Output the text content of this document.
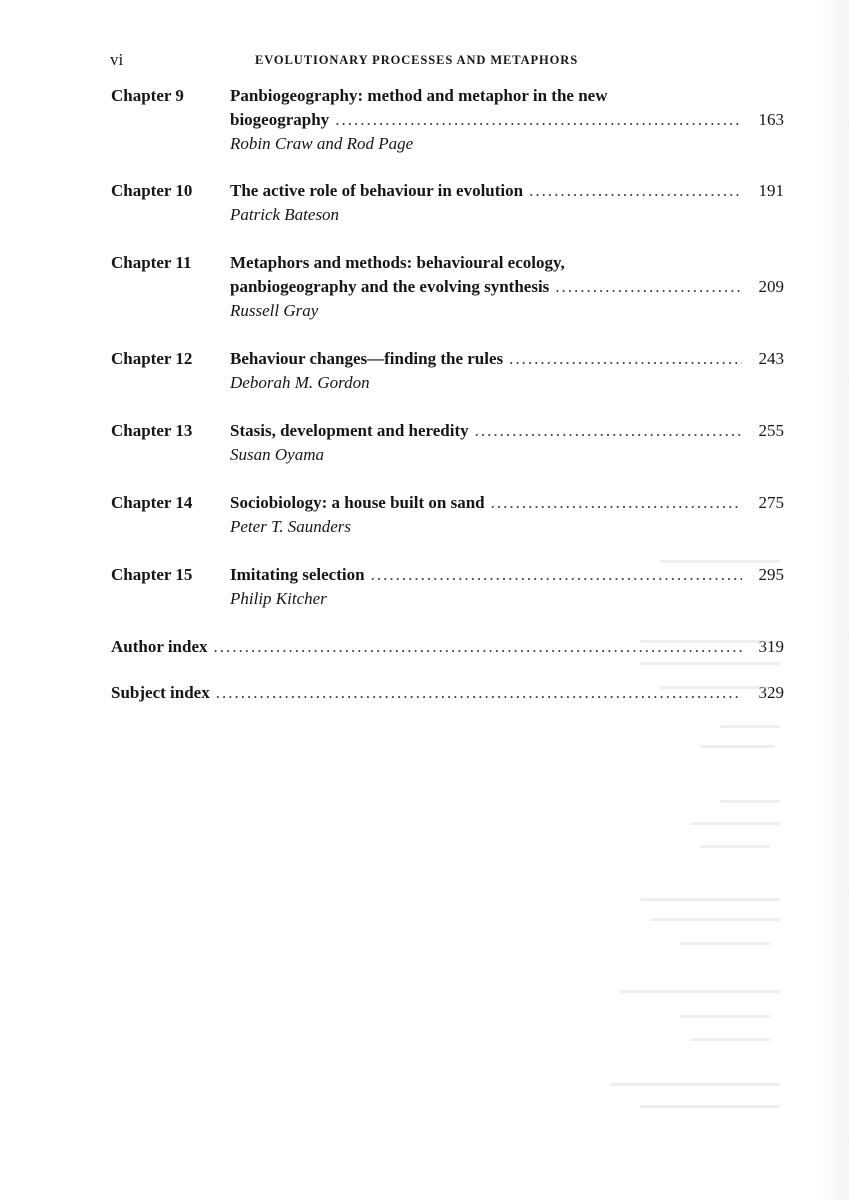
vi	EVOLUTIONARY PROCESSES AND METAPHORS
Chapter 9	Panbiogeography: method and metaphor in the new
biogeography .....	163
Robin Craw and Rod Page
Chapter 10 The active role of behaviour in evolution .....	191
Patrick Bateson
Chapter 11 Metaphors and methods: behavioural ecology,
panbiogeography and the evolving synthesis .....	209
Russell Gray
Chapter 12 Behaviour changes—finding the rules .....	243
Deborah M. Gordon
Chapter 13 Stasis, development and heredity .....	255
Susan Oyama
Chapter 14 Sociobiology: a house built on sand .....	275
Peter T. Saunders
Chapter 15 Imitating selection .....	295
Philip Kitcher
Author index .....	319
Subject index .....	329
